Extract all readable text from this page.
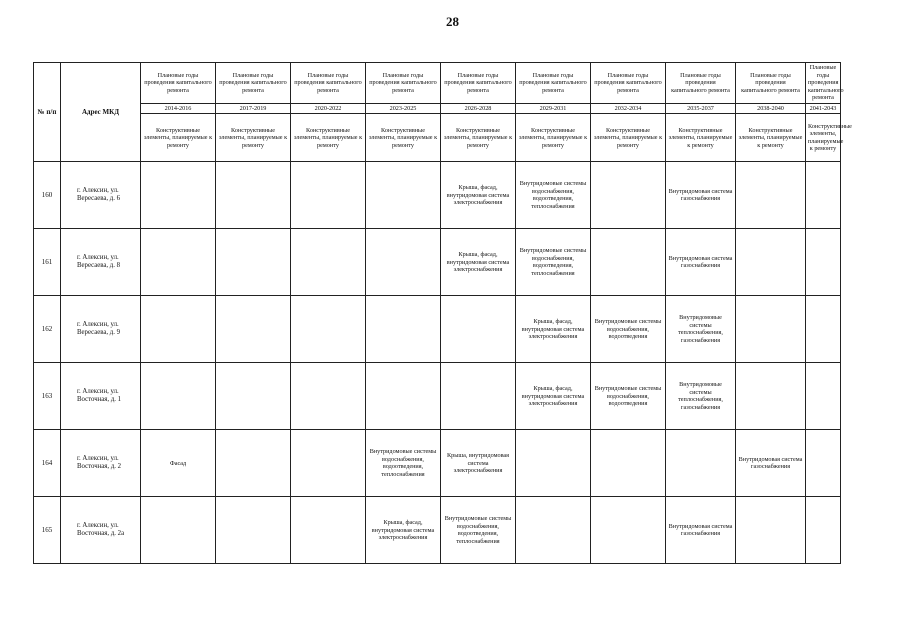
28
№ п/п	Адрес МКД	Плановые годы проведения капитального ремонта	Плановые годы проведения капитального ремонта	Плановые годы проведения капитального ремонта	Плановые годы проведения капитального ремонта	Плановые годы проведения капитального ремонта	Плановые годы проведения капитального ремонта	Плановые годы проведения капитального ремонта	Плановые годы проведения капитального ремонта	Плановые годы проведения капитального ремонта	Плановые годы проведения капитального ремонта
		2014-2016	2017-2019	2020-2022	2023-2025	2026-2028	2029-2031	2032-2034	2035-2037	2038-2040	2041-2043
		Конструктивные элементы, планируемые к ремонту	Конструктивные элементы, планируемые к ремонту	Конструктивные элементы, планируемые к ремонту	Конструктивные элементы, планируемые к ремонту	Конструктивные элементы, планируемые к ремонту	Конструктивные элементы, планируемые к ремонту	Конструктивные элементы, планируемые к ремонту	Конструктивные элементы, планируемые к ремонту	Конструктивные элементы, планируемые к ремонту	Конструктивные элементы, планируемые к ремонту
160	г. Алексин, ул. Вересаева, д. 6					Крыша, фасад, внутридомовая система электроснабжения	Внутридомовые системы водоснабжения, водоотведения, теплоснабжения		Внутридомовая система газоснабжения		
161	г. Алексин, ул. Вересаева, д. 8					Крыша, фасад, внутридомовая система электроснабжения	Внутридомовые системы водоснабжения, водоотведения, теплоснабжения		Внутридомовая система газоснабжения		
162	г. Алексин, ул. Вересаева, д. 9						Крыша, фасад, внутридомовая система электроснабжения	Внутридомовые системы водоснабжения, водоотведения	Внутридомовые системы теплоснабжения, газоснабжения		
163	г. Алексин, ул. Восточная, д. 1						Крыша, фасад, внутридомовая система электроснабжения	Внутридомовые системы водоснабжения, водоотведения	Внутридомовые системы теплоснабжения, газоснабжения		
164	г. Алексин, ул. Восточная, д. 2	Фасад			Внутридомовые системы водоснабжения, водоотведения, теплоснабжения	Крыша, внутридомовая система электроснабжения				Внутридомовая система газоснабжения	
165	г. Алексин, ул. Восточная, д. 2а				Крыша, фасад, внутридомовая система электроснабжения	Внутридомовые системы водоснабжения, водоотведения, теплоснабжения			Внутридомовая система газоснабжения		
